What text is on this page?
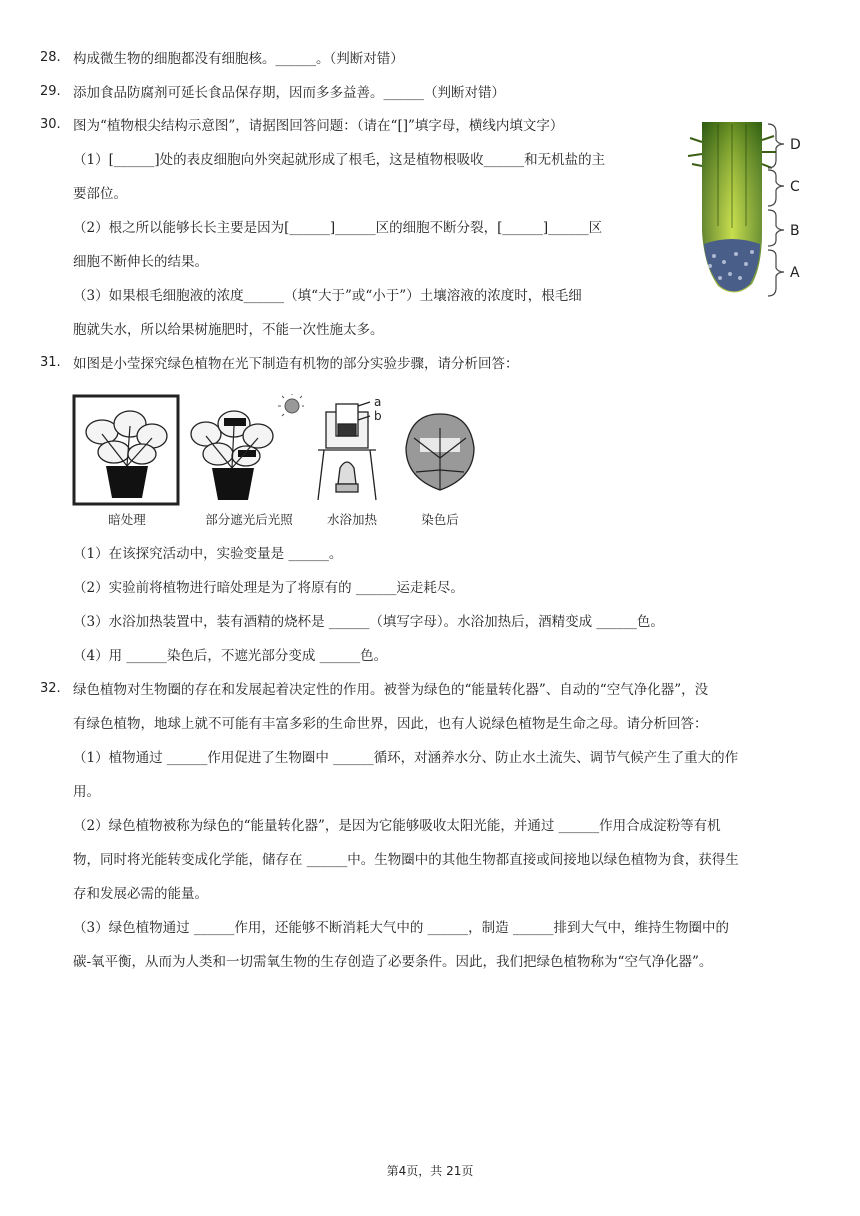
28. 构成微生物的细胞都没有细胞核。______。（判断对错）
29. 添加食品防腐剂可延长食品保存期，因而多多益善。______（判断对错）
30. 图为“植物根尖结构示意图”，请据图回答问题：（请在“[]”填字母，横线内填文字）
（1）[______]处的表皮细胞向外突起就形成了根毛，这是植物根吸收______和无机盐的主
要部位。
（2）根之所以能够长长主要是因为[______]______区的细胞不断分裂，[______]______区
细胞不断伸长的结果。
（3）如果根毛细胞液的浓度______（填“大于”或“小于”）土壤溶液的浓度时，根毛细
胞就失水，所以给果树施肥时，不能一次性施太多。
D
C
B
A
31. 如图是小莹探究绿色植物在光下制造有机物的部分实验步骤，请分析回答：
a
b
暗处理	部分遮光后光照	水浴加热	染色后
（1）在该探究活动中，实验变量是 ______。
（2）实验前将植物进行暗处理是为了将原有的 ______运走耗尽。
（3）水浴加热装置中，装有酒精的烧杯是 ______（填写字母）。水浴加热后，酒精变成 ______色。
（4）用 ______染色后，不遮光部分变成 ______色。
32. 绿色植物对生物圈的存在和发展起着决定性的作用。被誉为绿色的“能量转化器”、自动的“空气净化器”，没
有绿色植物，地球上就不可能有丰富多彩的生命世界，因此，也有人说绿色植物是生命之母。请分析回答：
（1）植物通过 ______作用促进了生物圈中 ______循环，对涵养水分、防止水土流失、调节气候产生了重大的作
用。
（2）绿色植物被称为绿色的“能量转化器”，是因为它能够吸收太阳光能，并通过 ______作用合成淀粉等有机
物，同时将光能转变成化学能，储存在 ______中。生物圈中的其他生物都直接或间接地以绿色植物为食，获得生
存和发展必需的能量。
（3）绿色植物通过 ______作用，还能够不断消耗大气中的 ______，制造 ______排到大气中，维持生物圈中的
碳-氧平衡，从而为人类和一切需氧生物的生存创造了必要条件。因此，我们把绿色植物称为“空气净化器”。
第4页，共 21页
